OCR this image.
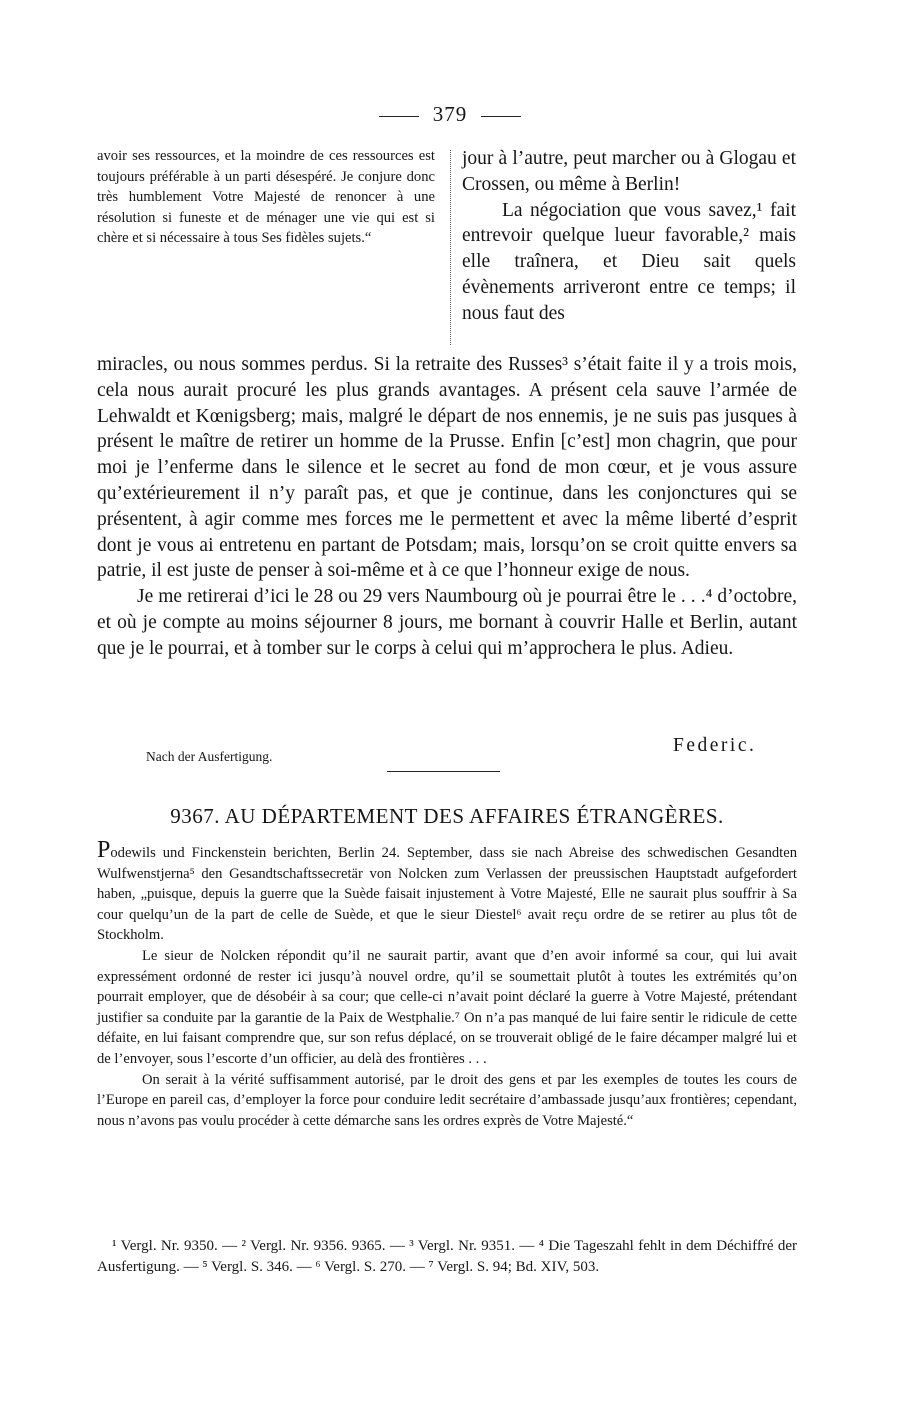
379
avoir ses ressources, et la moindre de ces ressources est toujours préférable à un parti désespéré. Je conjure donc très humblement Votre Majesté de renoncer à une résolution si funeste et de ménager une vie qui est si chère et si nécessaire à tous Ses fidèles sujets.“

jour à l’autre, peut marcher ou à Glogau et Crossen, ou même à Berlin!

La négociation que vous savez,¹ fait entrevoir quelque lueur favorable,² mais elle traînera, et Dieu sait quels évènements arriveront entre ce temps; il nous faut des

miracles, ou nous sommes perdus. Si la retraite des Russes³ s’était faite il y a trois mois, cela nous aurait procuré les plus grands avantages. A présent cela sauve l’armée de Lehwaldt et Kœnigsberg; mais, malgré le départ de nos ennemis, je ne suis pas jusques à présent le maître de retirer un homme de la Prusse. Enfin [c’est] mon chagrin, que pour moi je l’enferme dans le silence et le secret au fond de mon cœur, et je vous assure qu’extérieurement il n’y paraît pas, et que je continue, dans les conjonctures qui se présentent, à agir comme mes forces me le permettent et avec la même liberté d’esprit dont je vous ai entretenu en partant de Potsdam; mais, lorsqu’on se croit quitte envers sa patrie, il est juste de penser à soi-même et à ce que l’honneur exige de nous.

Je me retirerai d’ici le 28 ou 29 vers Naumbourg où je pourrai être le . . .⁴ d’octobre, et où je compte au moins séjourner 8 jours, me bornant à couvrir Halle et Berlin, autant que je le pourrai, et à tomber sur le corps à celui qui m’approchera le plus. Adieu.

Nach der Ausfertigung.
Federic.
9367. AU DÉPARTEMENT DES AFFAIRES ÉTRANGÈRES.

Podewils und Finckenstein berichten, Berlin 24. September, dass sie nach Abreise des schwedischen Gesandten Wulfwenstjerna⁵ den Gesandtschaftssecretär von Nolcken zum Verlassen der preussischen Hauptstadt aufgefordert haben, „puisque, depuis la guerre que la Suède faisait injustement à Votre Majesté, Elle ne saurait plus souffrir à Sa cour quelqu’un de la part de celle de Suède, et que le sieur Diestel⁶ avait reçu ordre de se retirer au plus tôt de Stockholm.

Le sieur de Nolcken répondit qu’il ne saurait partir, avant que d’en avoir informé sa cour, qui lui avait expressément ordonné de rester ici jusqu’à nouvel ordre, qu’il se soumettait plutôt à toutes les extrémités qu’on pourrait employer, que de désobéir à sa cour; que celle-ci n’avait point déclaré la guerre à Votre Majesté, prétendant justifier sa conduite par la garantie de la Paix de Westphalie.⁷ On n’a pas manqué de lui faire sentir le ridicule de cette défaite, en lui faisant comprendre que, sur son refus déplacé, on se trouverait obligé de le faire décamper malgré lui et de l’envoyer, sous l’escorte d’un officier, au delà des frontières . . .

On serait à la vérité suffisamment autorisé, par le droit des gens et par les exemples de toutes les cours de l’Europe en pareil cas, d’employer la force pour conduire ledit secrétaire d’ambassade jusqu’aux frontières; cependant, nous n’avons pas voulu procéder à cette démarche sans les ordres exprès de Votre Majesté.“

¹ Vergl. Nr. 9350. — ² Vergl. Nr. 9356. 9365. — ³ Vergl. Nr. 9351. — ⁴ Die Tageszahl fehlt in dem Déchiffré der Ausfertigung. — ⁵ Vergl. S. 346. — ⁶ Vergl. S. 270. — ⁷ Vergl. S. 94; Bd. XIV, 503.
